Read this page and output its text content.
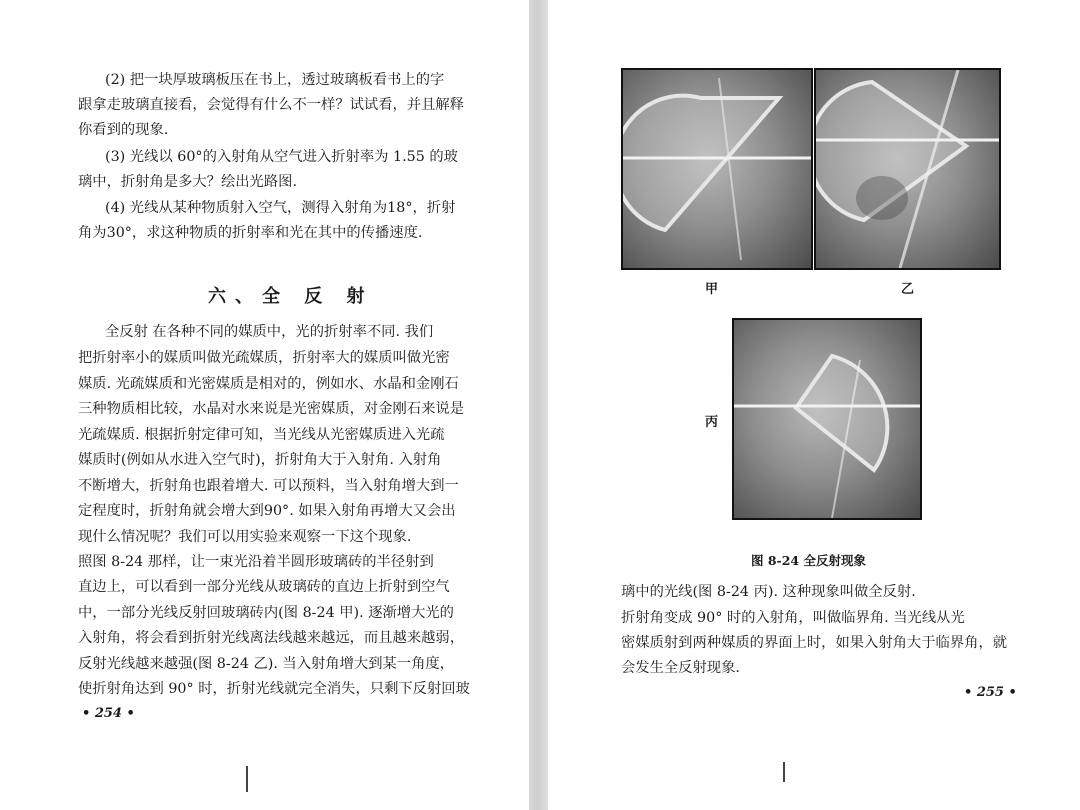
(2) 把一块厚玻璃板压在书上，透过玻璃板看书上的字
跟拿走玻璃直接看，会觉得有什么不一样？试试看，并且解释
你看到的现象.
(3) 光线以 60°的入射角从空气进入折射率为 1.55 的玻
璃中，折射角是多大？绘出光路图.
(4) 光线从某种物质射入空气，测得入射角为18°，折射
角为30°，求这种物质的折射率和光在其中的传播速度.
六、全 反 射
全反射 在各种不同的媒质中，光的折射率不同. 我们
把折射率小的媒质叫做光疏媒质，折射率大的媒质叫做光密
媒质. 光疏媒质和光密媒质是相对的，例如水、水晶和金刚石
三种物质相比较，水晶对水来说是光密媒质，对金刚石来说是
光疏媒质. 根据折射定律可知，当光线从光密媒质进入光疏
媒质时(例如从水进入空气时)，折射角大于入射角. 入射角
不断增大，折射角也跟着增大. 可以预料，当入射角增大到一
定程度时，折射角就会增大到90°. 如果入射角再增大又会出
现什么情况呢？我们可以用实验来观察一下这个现象.
照图 8-24 那样，让一束光沿着半圆形玻璃砖的半径射到
直边上，可以看到一部分光线从玻璃砖的直边上折射到空气
中，一部分光线反射回玻璃砖内(图 8-24 甲). 逐渐增大光的
入射角，将会看到折射光线离法线越来越远，而且越来越弱，
反射光线越来越强(图 8-24 乙). 当入射角增大到某一角度，
使折射角达到 90° 时，折射光线就完全消失，只剩下反射回玻
• 254 •
甲	乙
丙
图 8-24 全反射现象
璃中的光线(图 8-24 丙). 这种现象叫做全反射.
折射角变成 90° 时的入射角，叫做临界角. 当光线从光
密媒质射到两种媒质的界面上时，如果入射角大于临界角，就
会发生全反射现象.
• 255 •
